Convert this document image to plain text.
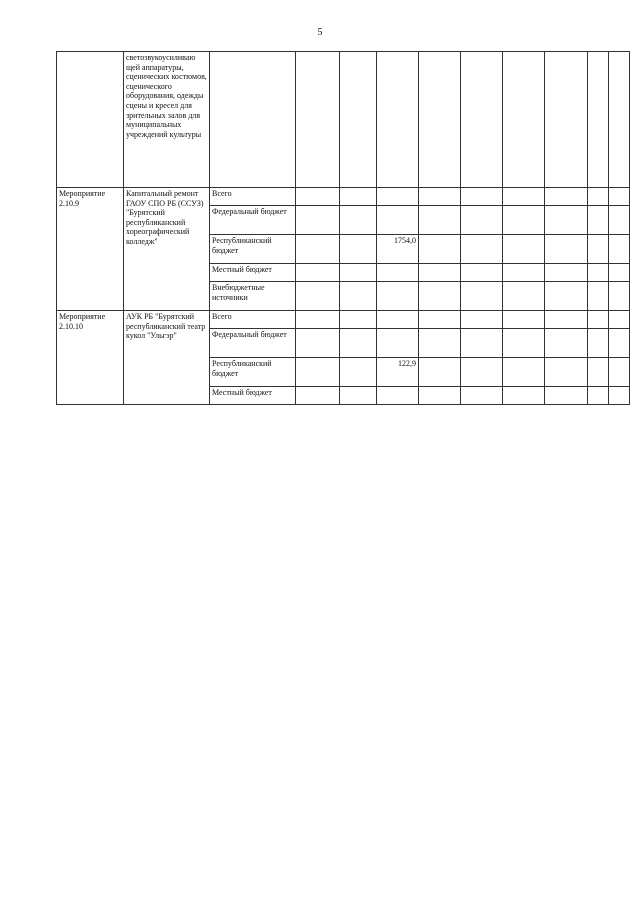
5
	светозвукоусиливаю щей аппаратуры, сценических костюмов, сценического оборудования, одежды сцены и кресел для зрительных залов для муниципальных учреждений культуры										
Мероприятие 2.10.9	Капитальный ремонт ГАОУ СПО РБ (ССУЗ) "Бурятский республиканский хореографический колледж"	Всего									
		Федеральный бюджет									
		Республиканский бюджет			1754,0						
		Местный бюджет									
		Внебюджетные источники									
Мероприятие 2.10.10	АУК РБ "Бурятский республиканский театр кукол "Ульгэр"	Всего									
		Федеральный бюджет									
		Республиканский бюджет			122,9						
		Местный бюджет									
